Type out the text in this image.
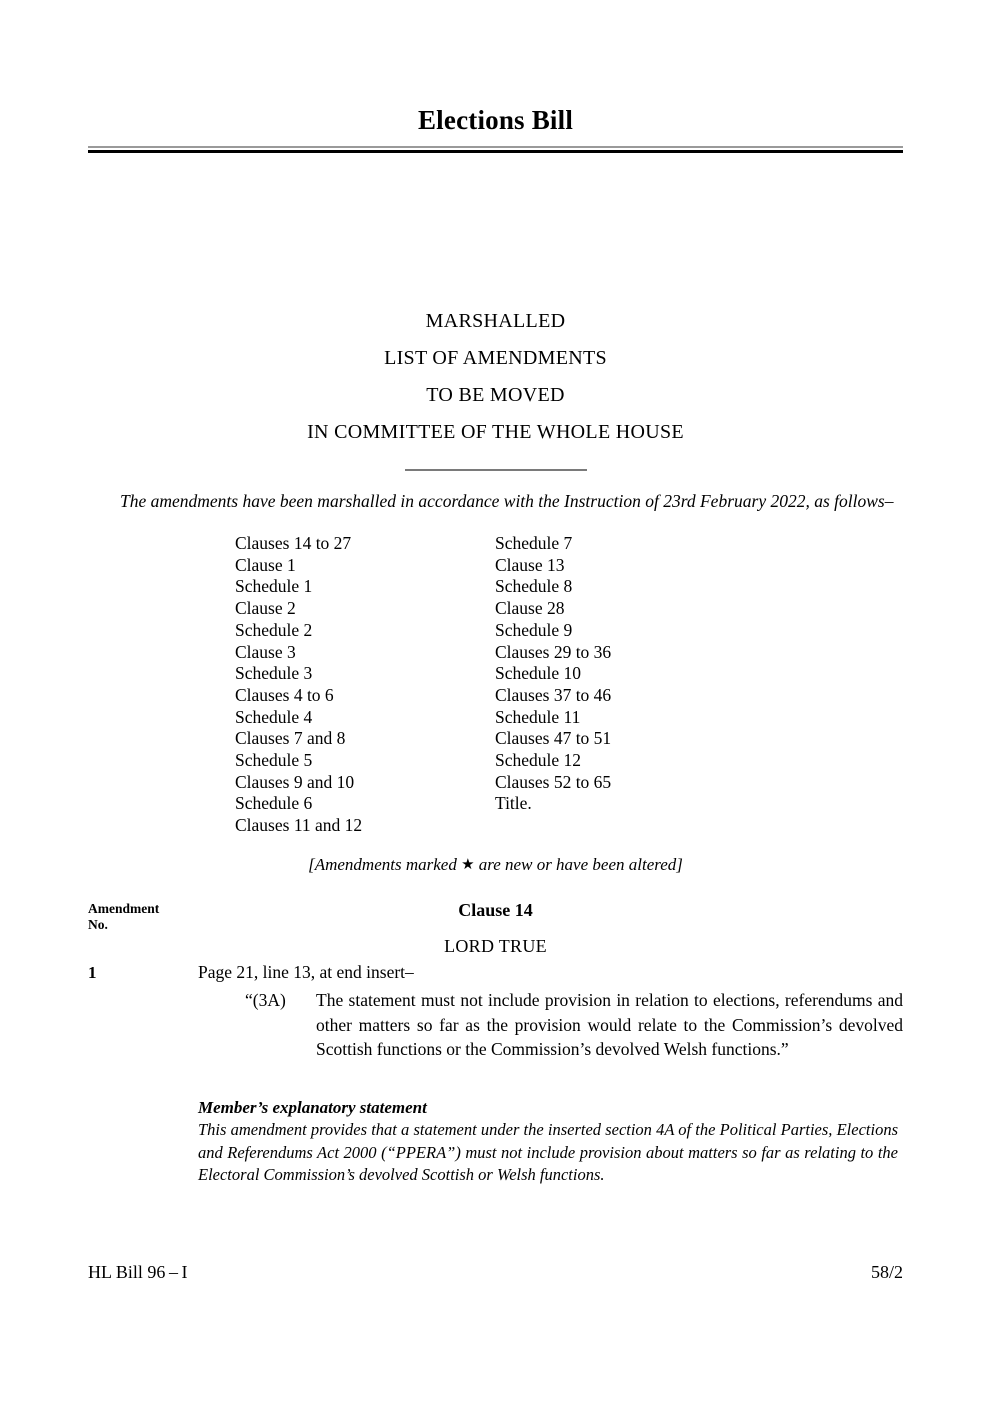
Elections Bill
MARSHALLED
LIST OF AMENDMENTS
TO BE MOVED
IN COMMITTEE OF THE WHOLE HOUSE
The amendments have been marshalled in accordance with the Instruction of 23rd February 2022, as follows–
Clauses 14 to 27
Clause 1
Schedule 1
Clause 2
Schedule 2
Clause 3
Schedule 3
Clauses 4 to 6
Schedule 4
Clauses 7 and 8
Schedule 5
Clauses 9 and 10
Schedule 6
Clauses 11 and 12
Schedule 7
Clause 13
Schedule 8
Clause 28
Schedule 9
Clauses 29 to 36
Schedule 10
Clauses 37 to 46
Schedule 11
Clauses 47 to 51
Schedule 12
Clauses 52 to 65
Title.
[Amendments marked ★ are new or have been altered]
Amendment
No.
Clause 14
LORD TRUE
1	Page 21, line 13, at end insert–
“(3A)	The statement must not include provision in relation to elections, referendums and other matters so far as the provision would relate to the Commission’s devolved Scottish functions or the Commission’s devolved Welsh functions.”
Member’s explanatory statement
This amendment provides that a statement under the inserted section 4A of the Political Parties, Elections and Referendums Act 2000 (“PPERA”) must not include provision about matters so far as relating to the Electoral Commission’s devolved Scottish or Welsh functions.
HL Bill 96 – I	58/2
